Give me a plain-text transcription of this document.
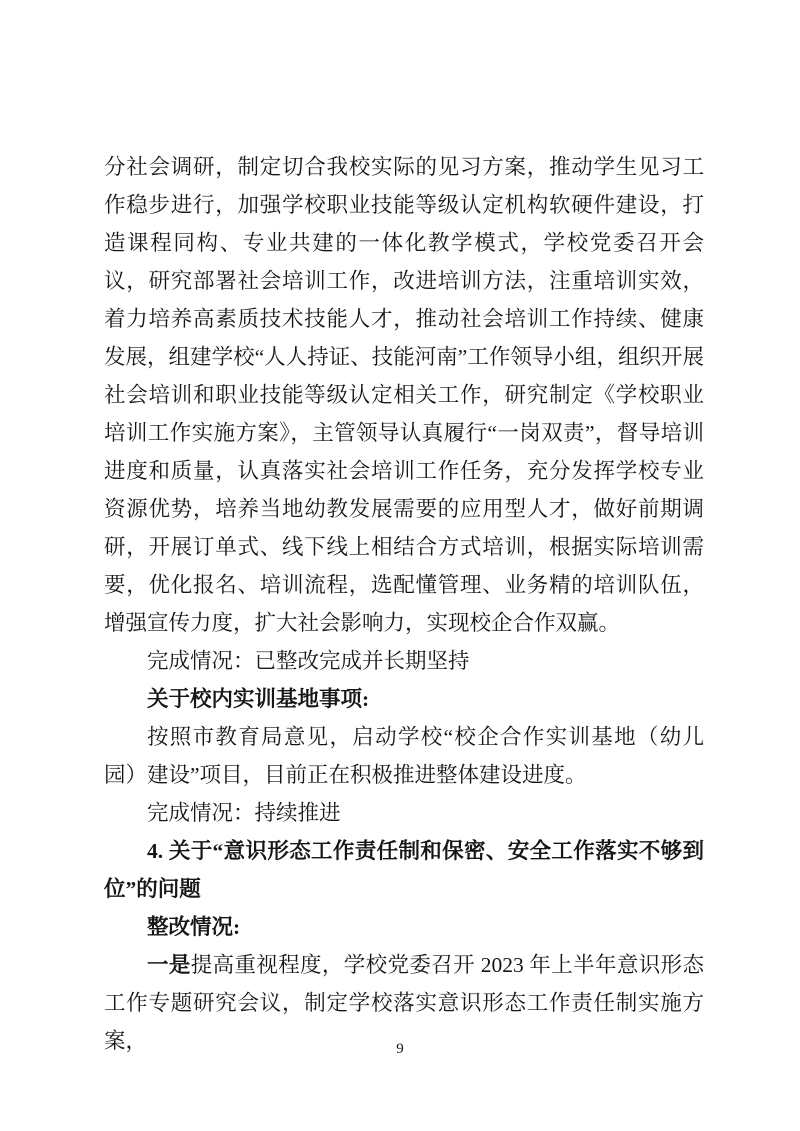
分社会调研，制定切合我校实际的见习方案，推动学生见习工作稳步进行，加强学校职业技能等级认定机构软硬件建设，打造课程同构、专业共建的一体化教学模式，学校党委召开会议，研究部署社会培训工作，改进培训方法，注重培训实效，着力培养高素质技术技能人才，推动社会培训工作持续、健康发展，组建学校“人人持证、技能河南”工作领导小组，组织开展社会培训和职业技能等级认定相关工作，研究制定《学校职业培训工作实施方案》，主管领导认真履行“一岗双责”，督导培训进度和质量，认真落实社会培训工作任务，充分发挥学校专业资源优势，培养当地幼教发展需要的应用型人才，做好前期调研，开展订单式、线下线上相结合方式培训，根据实际培训需要，优化报名、培训流程，选配懂管理、业务精的培训队伍，增强宣传力度，扩大社会影响力，实现校企合作双赢。

完成情况：已整改完成并长期坚持

关于校内实训基地事项:

按照市教育局意见，启动学校“校企合作实训基地（幼儿园）建设”项目，目前正在积极推进整体建设进度。

完成情况：持续推进

4. 关于“意识形态工作责任制和保密、安全工作落实不够到位”的问题

整改情况:

一是提高重视程度，学校党委召开 2023 年上半年意识形态工作专题研究会议，制定学校落实意识形态工作责任制实施方案，	9
